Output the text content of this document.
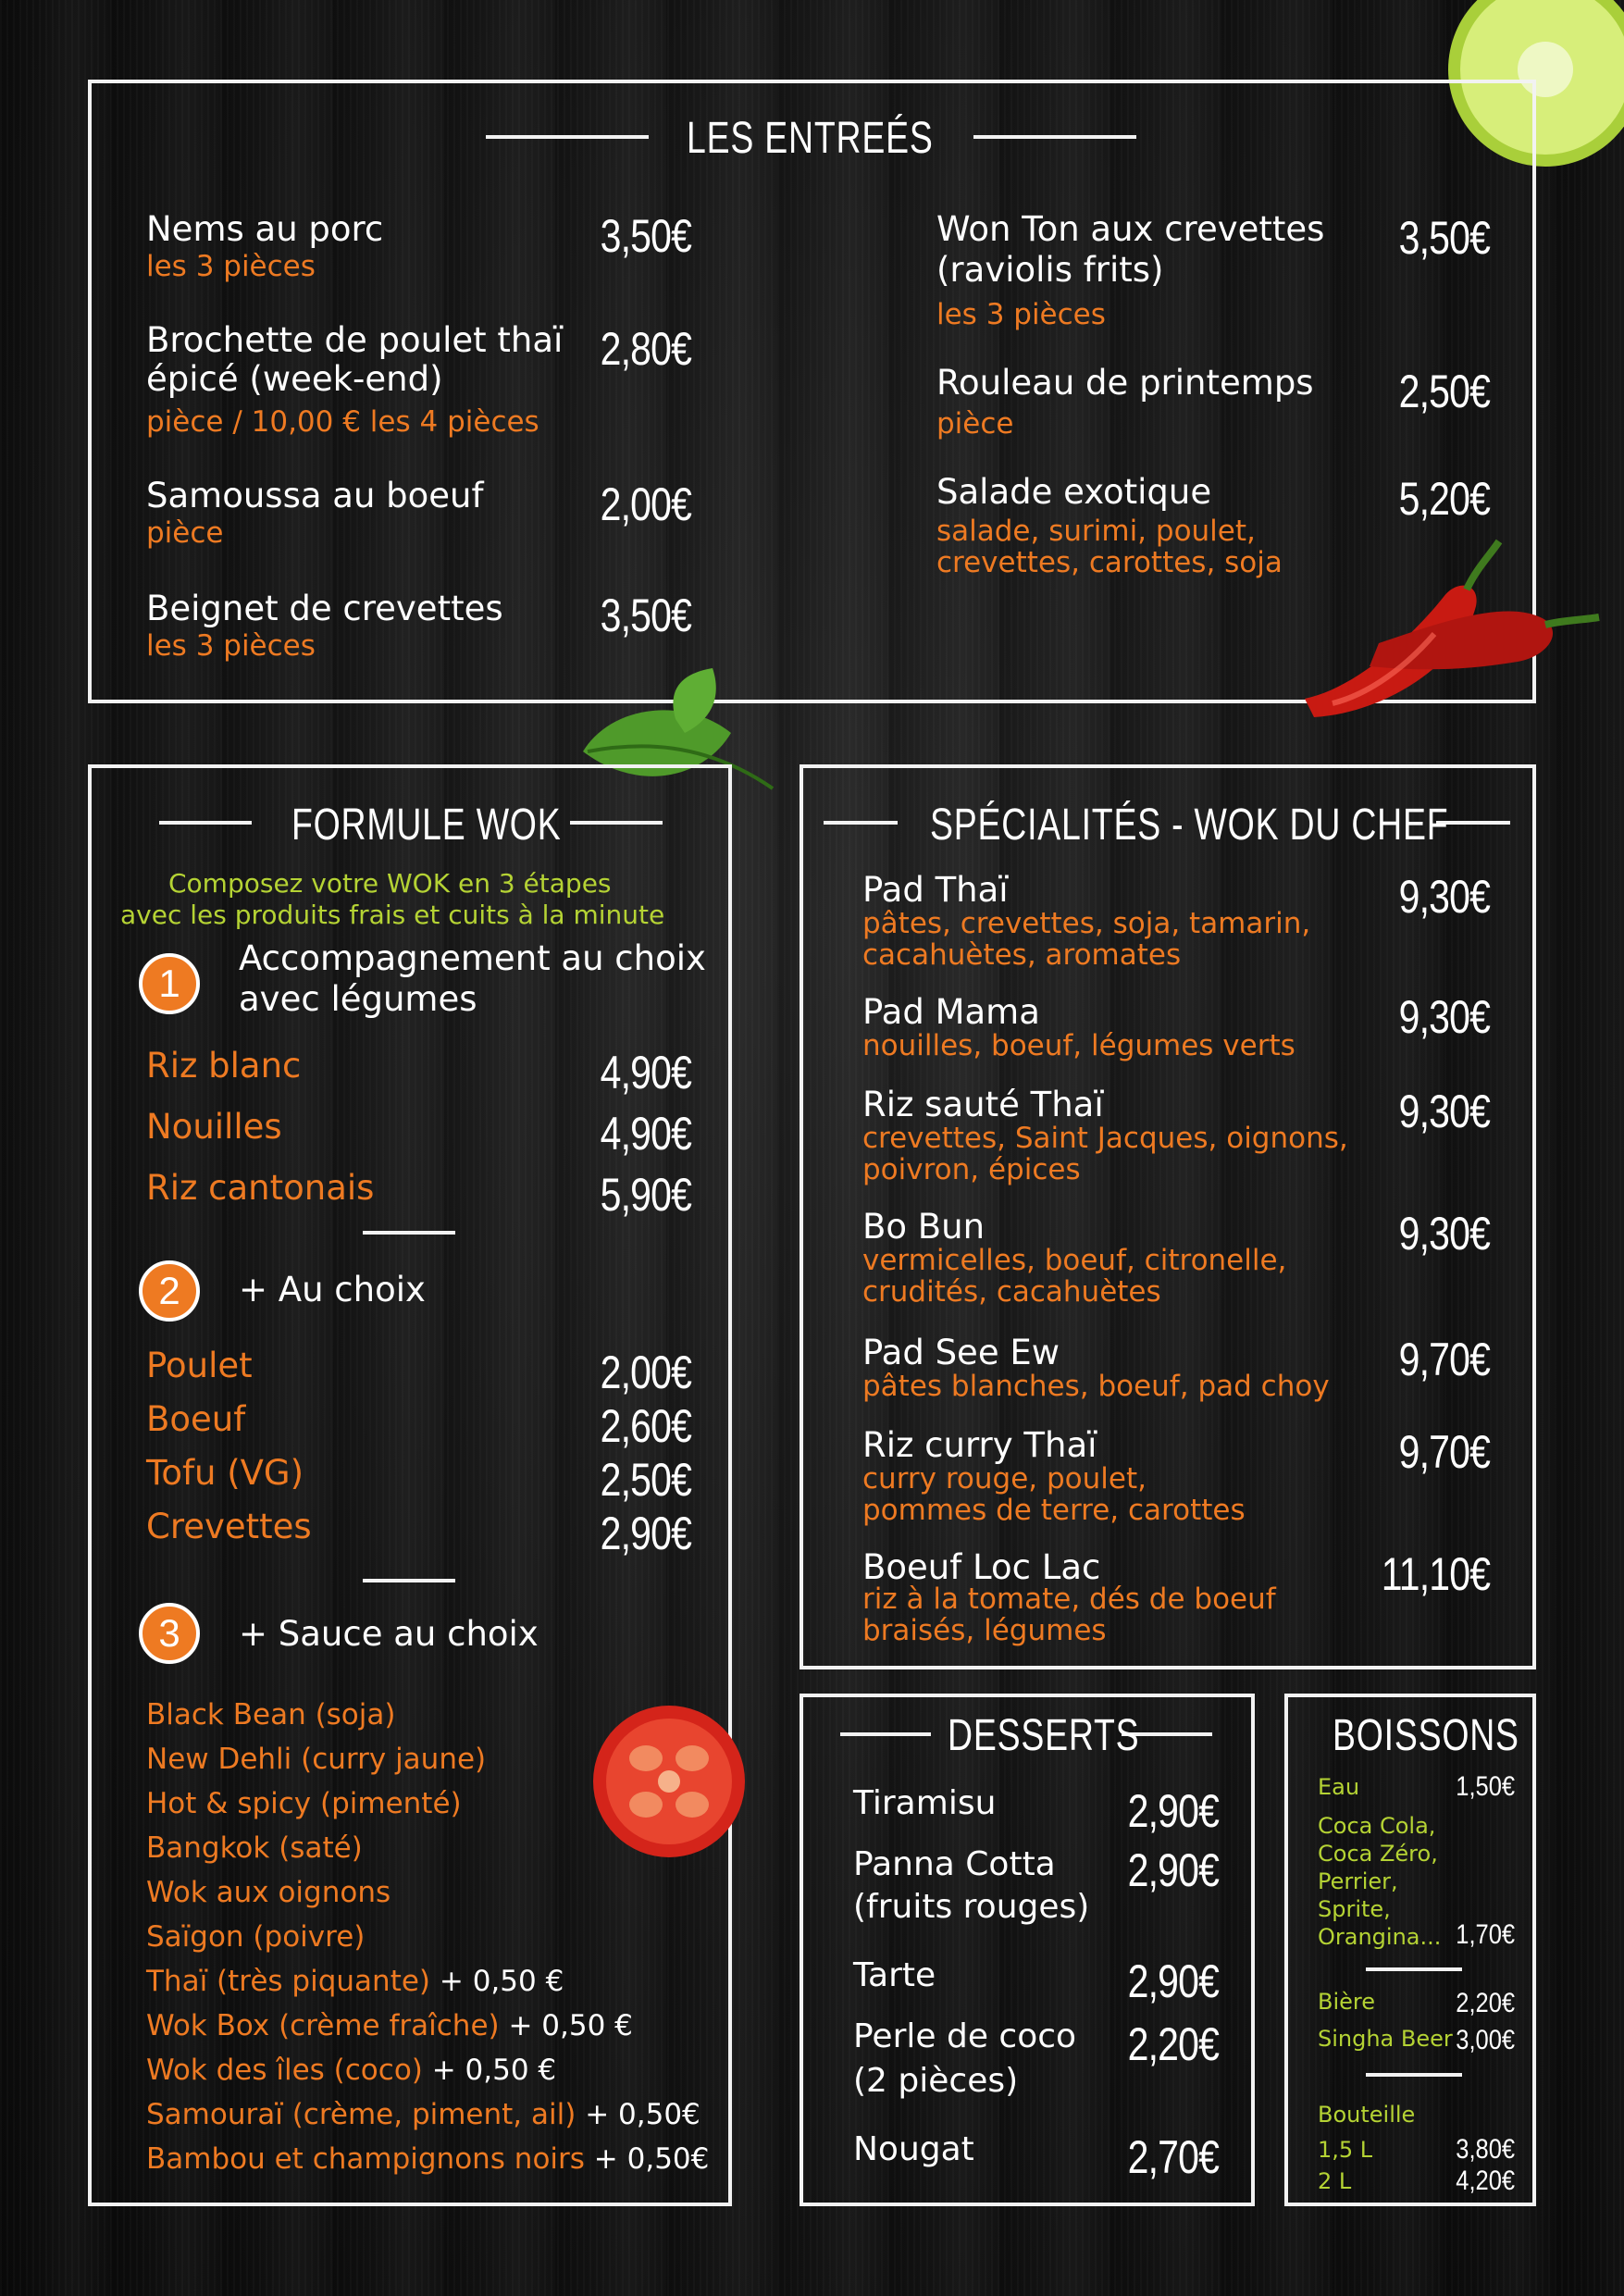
LES ENTREÉS
Nems au porc
les 3 pièces
3,50€
Brochette de poulet thaï
épicé (week-end)
pièce / 10,00 € les 4 pièces
2,80€
Samoussa au boeuf
pièce
2,00€
Beignet de crevettes
les 3 pièces
3,50€
Won Ton aux crevettes
(raviolis frits)
les 3 pièces
3,50€
Rouleau de printemps
pièce
2,50€
Salade exotique
salade, surimi, poulet,
crevettes, carottes, soja
5,20€
FORMULE WOK
Composez votre WOK en 3 étapes
avec les produits frais et cuits à la minute
1
Accompagnement au choix
avec légumes
Riz blanc	4,90€
Nouilles	4,90€
Riz cantonais	5,90€
2	+ Au choix
Poulet	2,00€
Boeuf	2,60€
Tofu (VG)	2,50€
Crevettes	2,90€
3	+ Sauce au choix
Black Bean (soja)
New Dehli (curry jaune)
Hot & spicy (pimenté)
Bangkok (saté)
Wok aux oignons
Saïgon (poivre)
Thaï (très piquante) + 0,50 €
Wok Box (crème fraîche) + 0,50 €
Wok des îles (coco) + 0,50 €
Samouraï (crème, piment, ail) + 0,50€
Bambou et champignons noirs + 0,50€
SPÉCIALITÉS - WOK DU CHEF
Pad Thaï
pâtes, crevettes, soja, tamarin,
cacahuètes, aromates
9,30€
Pad Mama
nouilles, boeuf, légumes verts
9,30€
Riz sauté Thaï
crevettes, Saint Jacques, oignons,
poivron, épices
9,30€
Bo Bun
vermicelles, boeuf, citronelle,
crudités, cacahuètes
9,30€
Pad See Ew
pâtes blanches, boeuf, pad choy
9,70€
Riz curry Thaï
curry rouge, poulet,
pommes de terre, carottes
9,70€
Boeuf Loc Lac
riz à la tomate, dés de boeuf
braisés, légumes
11,10€
DESSERTS
Tiramisu	2,90€
Panna Cotta
(fruits rouges)
2,90€
Tarte	2,90€
Perle de coco
(2 pièces)
2,20€
Nougat	2,70€
BOISSONS
Eau	1,50€
Coca Cola,
Coca Zéro,
Perrier,
Sprite,
Orangina... 1,70€
Bière	2,20€
Singha Beer 3,00€
Bouteille
1,5 L	3,80€
2 L	4,20€
